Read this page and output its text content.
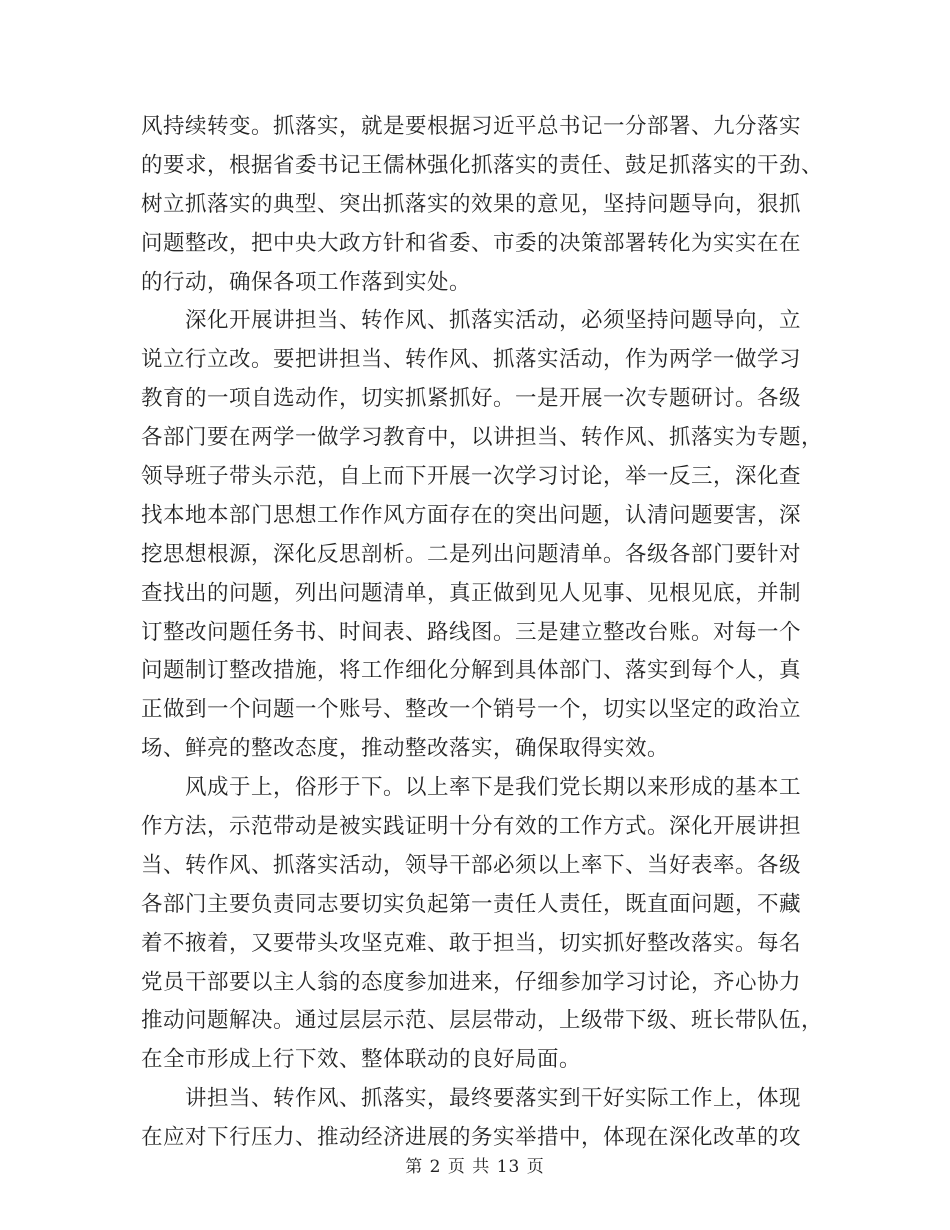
风持续转变。抓落实，就是要根据习近平总书记一分部署、九分落实
的要求，根据省委书记王儒林强化抓落实的责任、鼓足抓落实的干劲、
树立抓落实的典型、突出抓落实的效果的意见，坚持问题导向，狠抓
问题整改，把中央大政方针和省委、市委的决策部署转化为实实在在
的行动，确保各项工作落到实处。
　　深化开展讲担当、转作风、抓落实活动，必须坚持问题导向，立
说立行立改。要把讲担当、转作风、抓落实活动，作为两学一做学习
教育的一项自选动作，切实抓紧抓好。一是开展一次专题研讨。各级
各部门要在两学一做学习教育中，以讲担当、转作风、抓落实为专题，
领导班子带头示范，自上而下开展一次学习讨论，举一反三，深化查
找本地本部门思想工作作风方面存在的突出问题，认清问题要害，深
挖思想根源，深化反思剖析。二是列出问题清单。各级各部门要针对
查找出的问题，列出问题清单，真正做到见人见事、见根见底，并制
订整改问题任务书、时间表、路线图。三是建立整改台账。对每一个
问题制订整改措施，将工作细化分解到具体部门、落实到每个人，真
正做到一个问题一个账号、整改一个销号一个，切实以坚定的政治立
场、鲜亮的整改态度，推动整改落实，确保取得实效。
　　风成于上，俗形于下。以上率下是我们党长期以来形成的基本工
作方法，示范带动是被实践证明十分有效的工作方式。深化开展讲担
当、转作风、抓落实活动，领导干部必须以上率下、当好表率。各级
各部门主要负责同志要切实负起第一责任人责任，既直面问题，不藏
着不掖着，又要带头攻坚克难、敢于担当，切实抓好整改落实。每名
党员干部要以主人翁的态度参加进来，仔细参加学习讨论，齐心协力
推动问题解决。通过层层示范、层层带动，上级带下级、班长带队伍，
在全市形成上行下效、整体联动的良好局面。
　　讲担当、转作风、抓落实，最终要落实到干好实际工作上，体现
在应对下行压力、推动经济进展的务实举措中，体现在深化改革的攻
第 2 页 共 13 页
